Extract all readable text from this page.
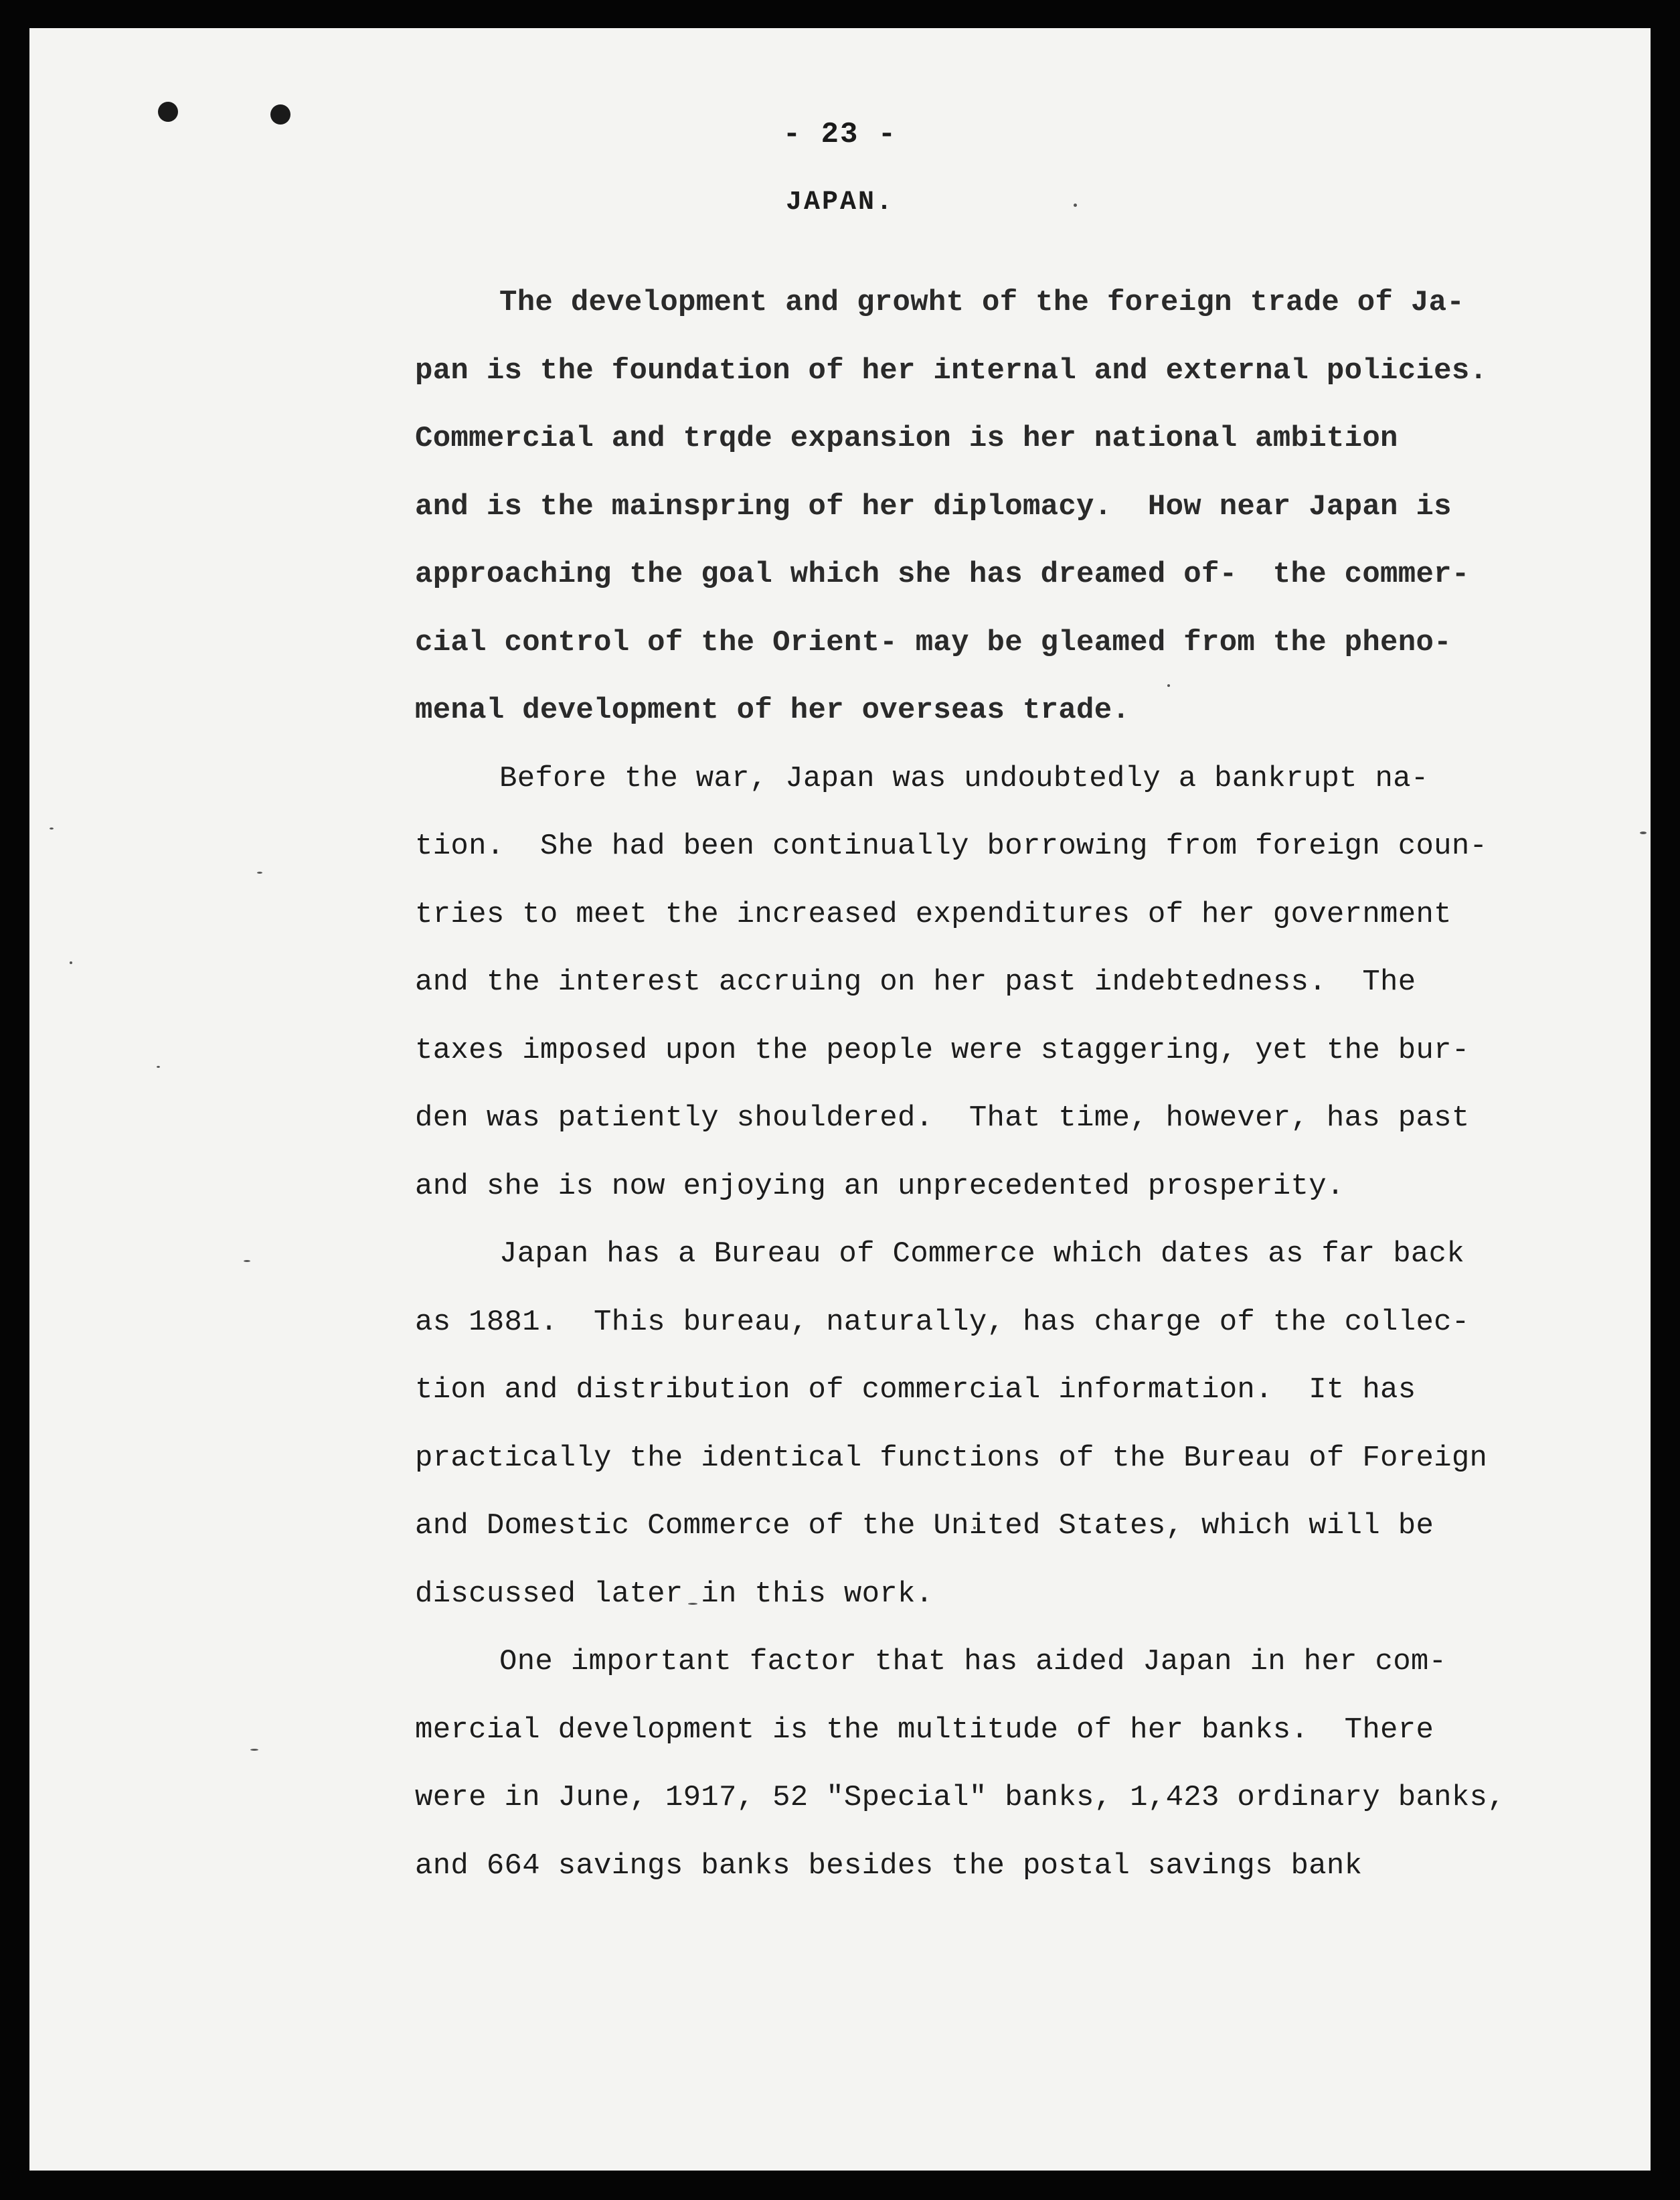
- 23 -
JAPAN.
The development and growht of the foreign trade of Ja-
pan is the foundation of her internal and external policies.
Commercial and trqde expansion is her national ambition
and is the mainspring of her diplomacy.  How near Japan is
approaching the goal which she has dreamed of-  the commer-
cial control of the Orient- may be gleamed from the pheno-
menal development of her overseas trade.
Before the war, Japan was undoubtedly a bankrupt na-
tion.  She had been continually borrowing from foreign coun-
tries to meet the increased expenditures of her government
and the interest accruing on her past indebtedness.  The
taxes imposed upon the people were staggering, yet the bur-
den was patiently shouldered.  That time, however, has past
and she is now enjoying an unprecedented prosperity.
Japan has a Bureau of Commerce which dates as far back
as 1881.  This bureau, naturally, has charge of the collec-
tion and distribution of commercial information.  It has
practically the identical functions of the Bureau of Foreign
and Domestic Commerce of the United States, which will be
discussed later in this work.
One important factor that has aided Japan in her com-
mercial development is the multitude of her banks.  There
were in June, 1917, 52 "Special" banks, 1,423 ordinary banks,
and 664 savings banks besides the postal savings bank
